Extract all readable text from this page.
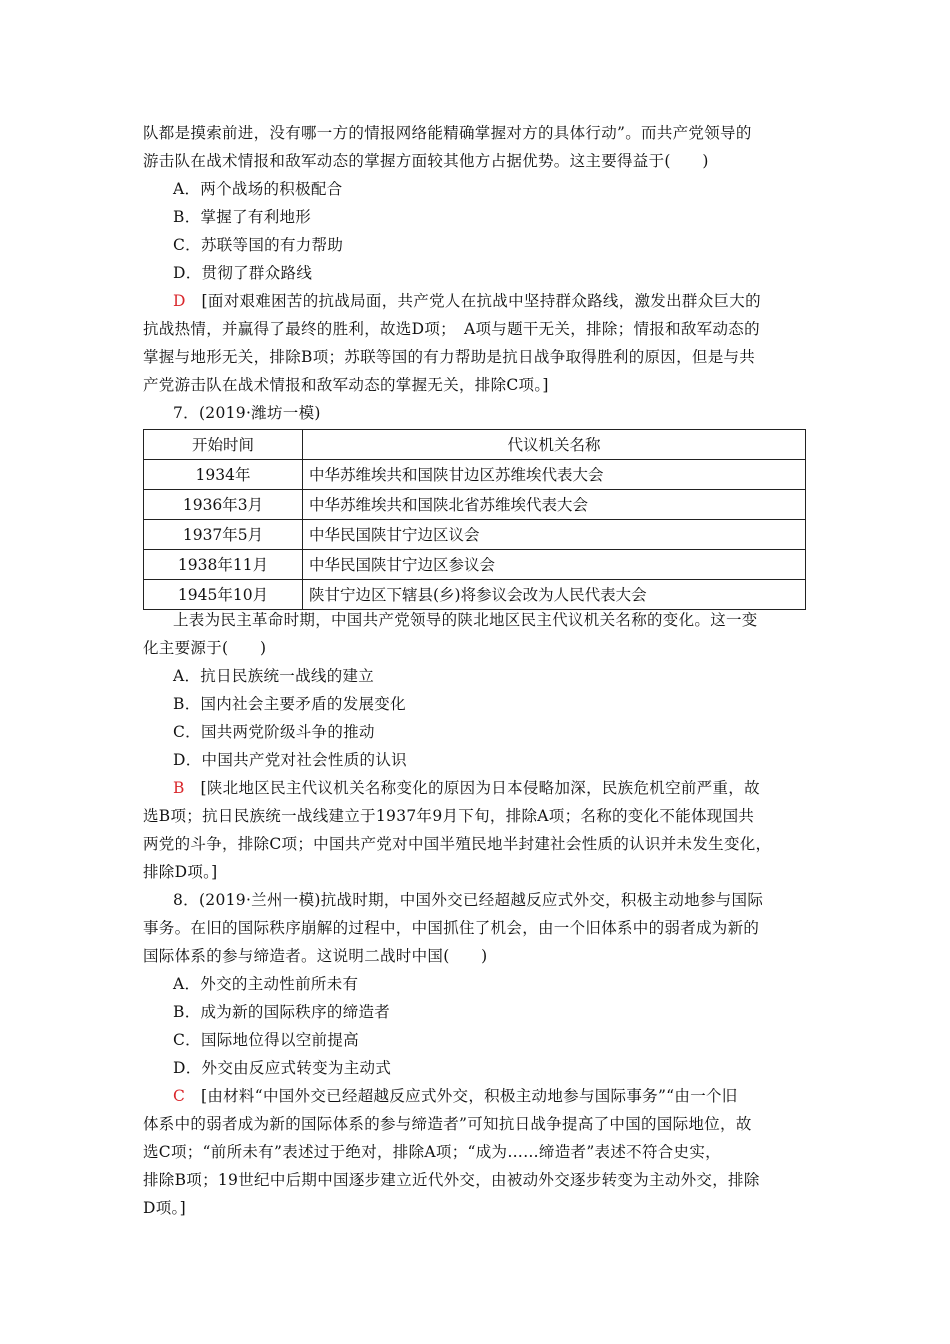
队都是摸索前进，没有哪一方的情报网络能精确掌握对方的具体行动”。而共产党领导的
游击队在战术情报和敌军动态的掌握方面较其他方占据优势。这主要得益于(　　)
A．两个战场的积极配合
B．掌握了有利地形
C．苏联等国的有力帮助
D．贯彻了群众路线
D　 [面对艰难困苦的抗战局面，共产党人在抗战中坚持群众路线，激发出群众巨大的
抗战热情，并赢得了最终的胜利，故选D项；　A项与题干无关，排除；情报和敌军动态的
掌握与地形无关，排除B项；苏联等国的有力帮助是抗日战争取得胜利的原因，但是与共
产党游击队在战术情报和敌军动态的掌握无关，排除C项。]
7．(2019·潍坊一模)
开始时间	代议机关名称
1934年	中华苏维埃共和国陕甘边区苏维埃代表大会
1936年3月	中华苏维埃共和国陕北省苏维埃代表大会
1937年5月	中华民国陕甘宁边区议会
1938年11月	中华民国陕甘宁边区参议会
1945年10月	陕甘宁边区下辖县(乡)将参议会改为人民代表大会
上表为民主革命时期，中国共产党领导的陕北地区民主代议机关名称的变化。这一变
化主要源于(　　)
A．抗日民族统一战线的建立
B．国内社会主要矛盾的发展变化
C．国共两党阶级斗争的推动
D．中国共产党对社会性质的认识
B　 [陕北地区民主代议机关名称变化的原因为日本侵略加深，民族危机空前严重，故
选B项；抗日民族统一战线建立于1937年9月下旬，排除A项；名称的变化不能体现国共
两党的斗争，排除C项；中国共产党对中国半殖民地半封建社会性质的认识并未发生变化，
排除D项。]
8．(2019·兰州一模)抗战时期，中国外交已经超越反应式外交，积极主动地参与国际
事务。在旧的国际秩序崩解的过程中，中国抓住了机会，由一个旧体系中的弱者成为新的
国际体系的参与缔造者。这说明二战时中国(　　)
A．外交的主动性前所未有
B．成为新的国际秩序的缔造者
C．国际地位得以空前提高
D．外交由反应式转变为主动式
C　 [由材料“中国外交已经超越反应式外交，积极主动地参与国际事务”“由一个旧
体系中的弱者成为新的国际体系的参与缔造者”可知抗日战争提高了中国的国际地位，故
选C项；“前所未有”表述过于绝对，排除A项；“成为……缔造者”表述不符合史实，
排除B项；19世纪中后期中国逐步建立近代外交，由被动外交逐步转变为主动外交，排除
D项。]
